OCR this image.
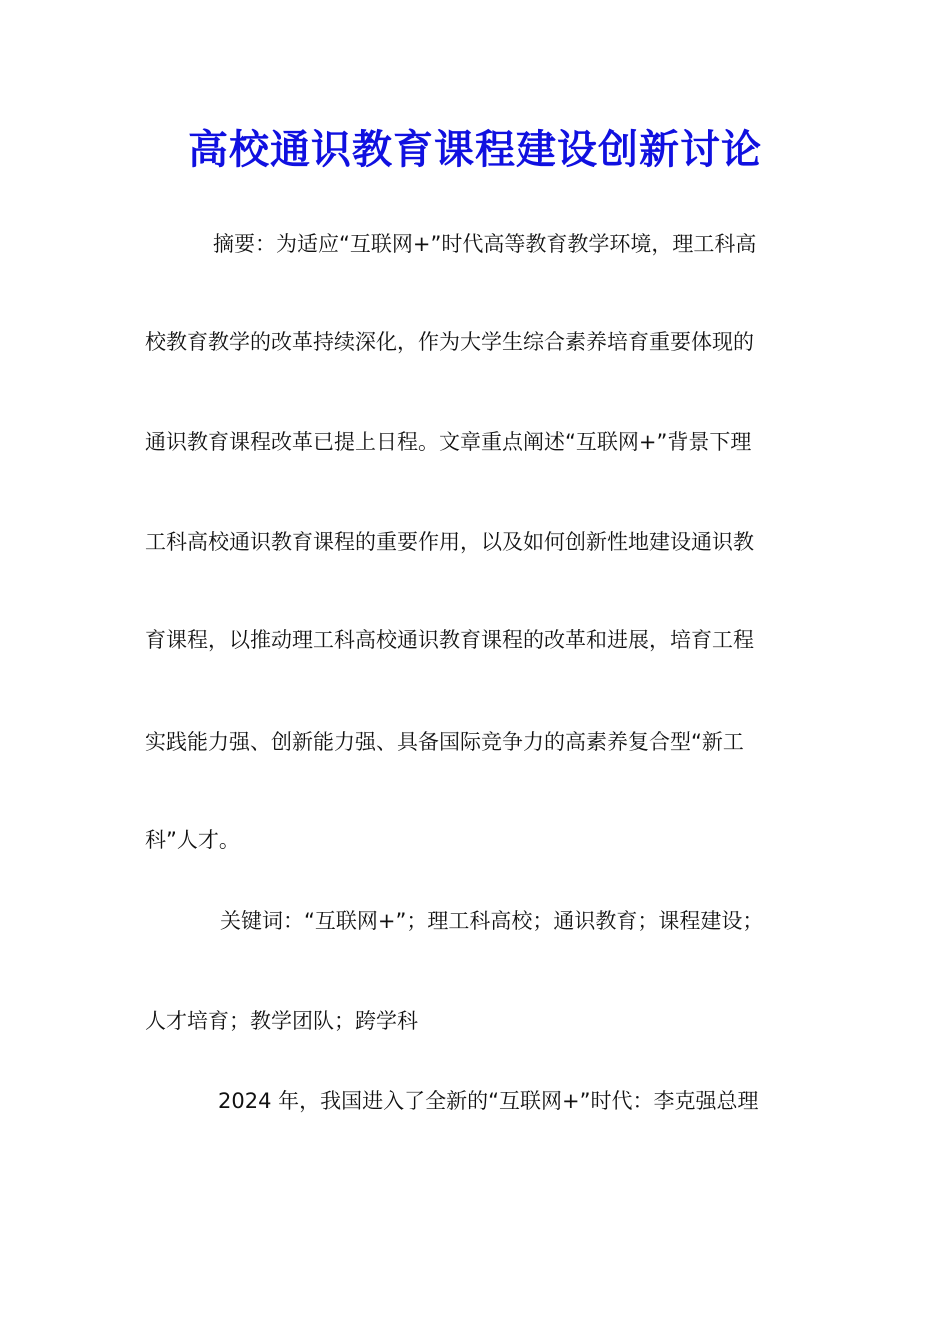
高校通识教育课程建设创新讨论

摘要：为适应“互联网+”时代高等教育教学环境，理工科高

校教育教学的改革持续深化，作为大学生综合素养培育重要体现的

通识教育课程改革已提上日程。文章重点阐述“互联网+”背景下理

工科高校通识教育课程的重要作用，以及如何创新性地建设通识教

育课程，以推动理工科高校通识教育课程的改革和进展，培育工程

实践能力强、创新能力强、具备国际竞争力的高素养复合型“新工

科”人才。

关键词：“互联网+”；理工科高校；通识教育；课程建设；

人才培育；教学团队；跨学科

2024 年，我国进入了全新的“互联网+”时代：李克强总理
